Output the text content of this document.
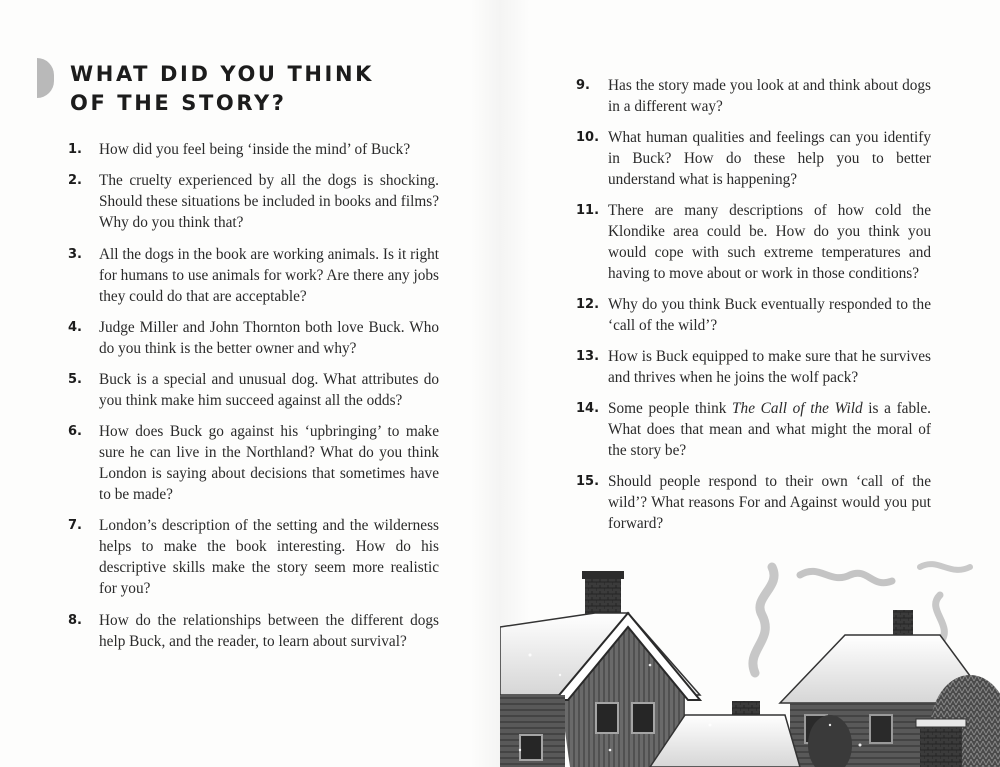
WHAT DID YOU THINK
OF THE STORY?
1. How did you feel being ‘inside the mind’ of Buck?
2. The cruelty experienced by all the dogs is shocking. Should these situations be included in books and films? Why do you think that?
3. All the dogs in the book are working animals. Is it right for humans to use animals for work? Are there any jobs they could do that are acceptable?
4. Judge Miller and John Thornton both love Buck. Who do you think is the better owner and why?
5. Buck is a special and unusual dog. What attributes do you think make him succeed against all the odds?
6. How does Buck go against his ‘upbringing’ to make sure he can live in the Northland? What do you think London is saying about decisions that sometimes have to be made?
7. London’s description of the setting and the wilderness helps to make the book interesting. How do his descriptive skills make the story seem more realistic for you?
8. How do the relationships between the different dogs help Buck, and the reader, to learn about survival?
9. Has the story made you look at and think about dogs in a different way?
10. What human qualities and feelings can you identify in Buck? How do these help you to better understand what is happening?
11. There are many descriptions of how cold the Klondike area could be. How do you think you would cope with such extreme temperatures and having to move about or work in those conditions?
12. Why do you think Buck eventually responded to the ‘call of the wild’?
13. How is Buck equipped to make sure that he survives and thrives when he joins the wolf pack?
14. Some people think The Call of the Wild is a fable. What does that mean and what might the moral of the story be?
15. Should people respond to their own ‘call of the wild’? What reasons For and Against would you put forward?
